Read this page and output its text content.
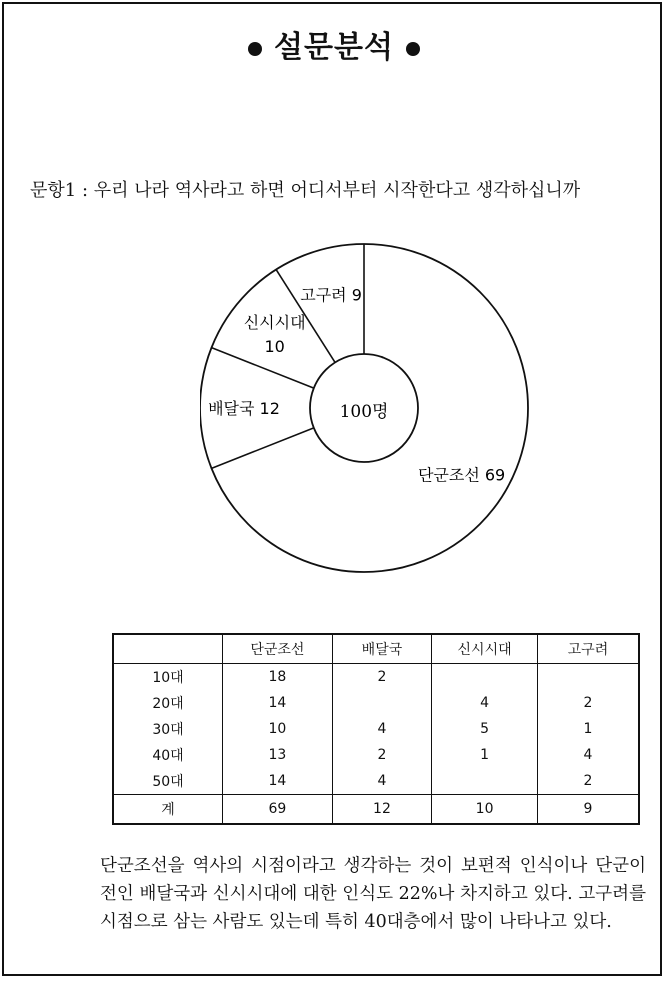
설문분석
문항1 : 우리 나라 역사라고 하면 어디서부터 시작한다고 생각하십니까
100명
단군조선 69
배달국 12
신시시대 10
고구려 9
	단군조선	배달국	신시시대	고구려
10대	18	2		
20대	14		4	2
30대	10	4	5	1
40대	13	2	1	4
50대	14	4		2
계	69	12	10	9
단군조선을 역사의 시점이라고 생각하는 것이 보편적 인식이나 단군이전인 배달국과 신시시대에 대한 인식도 22%나 차지하고 있다. 고구려를 시점으로 삼는 사람도 있는데 특히 40대층에서 많이 나타나고 있다.
